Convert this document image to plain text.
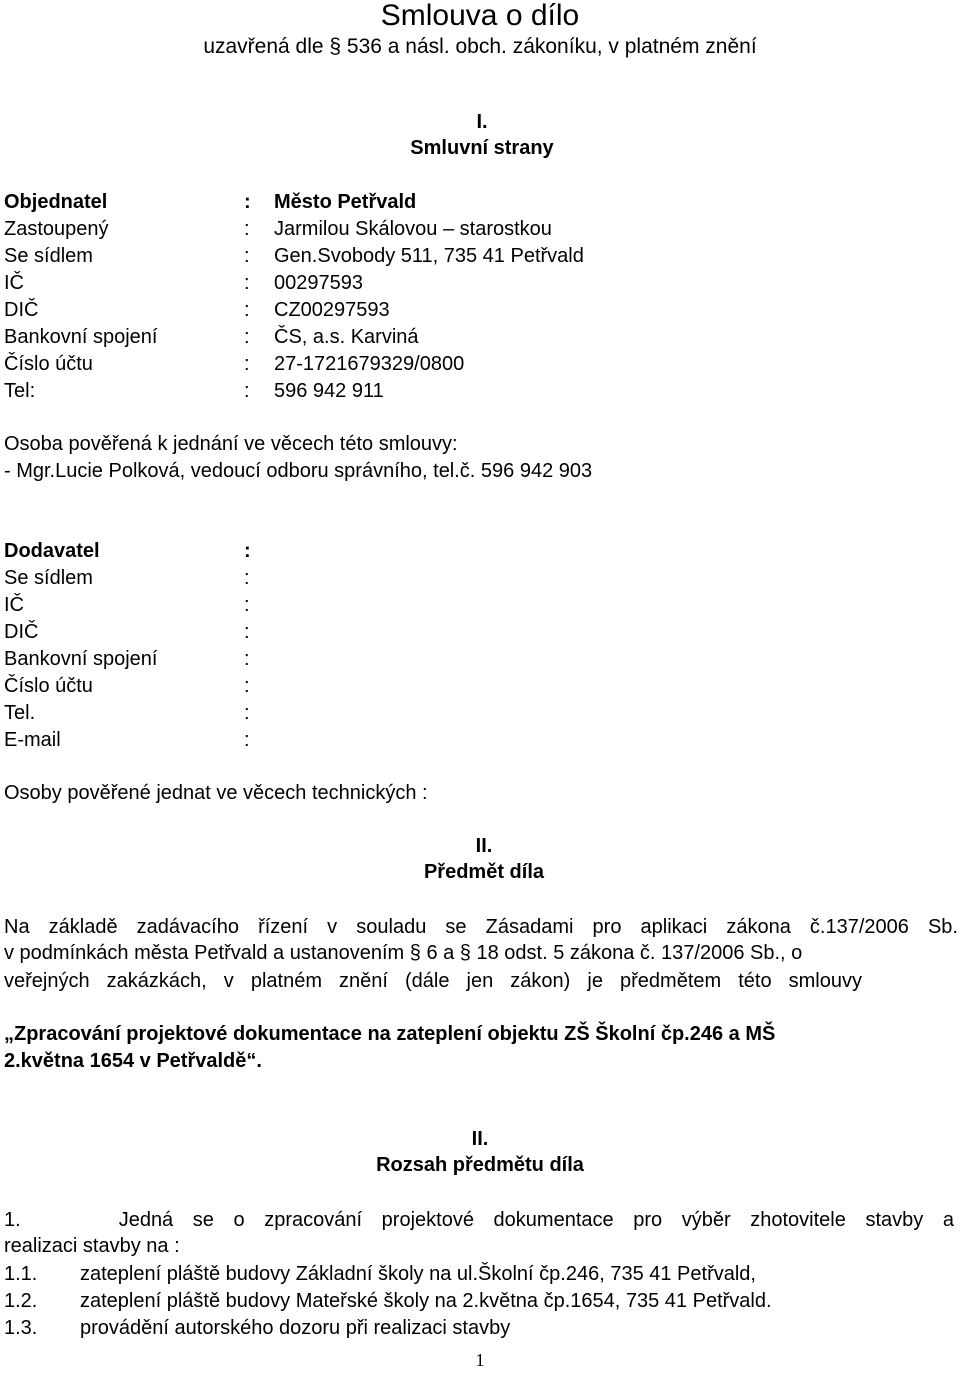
Smlouva o dílo
uzavřená dle § 536 a násl. obch. zákoníku, v platném znění
I.
Smluvní strany
Objednatel	: Město Petřvald
Zastoupený	: Jarmilou Skálovou – starostkou
Se sídlem	: Gen.Svobody 511, 735 41 Petřvald
IČ	: 00297593
DIČ	: CZ00297593
Bankovní spojení	: ČS, a.s. Karviná
Číslo účtu	: 27-1721679329/0800
Tel:	: 596 942 911
Osoba pověřená k jednání ve věcech této smlouvy:
- Mgr.Lucie Polková, vedoucí odboru správního, tel.č. 596 942 903
Dodavatel	:
Se sídlem	:
IČ	:
DIČ	:
Bankovní spojení	:
Číslo účtu	:
Tel.	:
E-mail	:
Osoby pověřené jednat ve věcech technických :
II.
Předmět díla
Na základě zadávacího řízení v souladu se Zásadami pro aplikaci zákona č.137/2006 Sb.
v podmínkách města Petřvald a ustanovením § 6 a § 18 odst. 5 zákona č. 137/2006 Sb., o
veřejných zakázkách, v platném znění (dále jen zákon) je předmětem této smlouvy
„Zpracování projektové dokumentace na zateplení objektu ZŠ Školní čp.246 a MŠ
2.května 1654 v Petřvaldě“.
II.
Rozsah předmětu díla
1.     Jedná se o zpracování projektové dokumentace pro výběr zhotovitele stavby a
realizaci stavby na :
1.1. zateplení pláště budovy Základní školy na ul.Školní čp.246, 735 41 Petřvald,
1.2. zateplení pláště budovy Mateřské školy na 2.května čp.1654, 735 41 Petřvald.
1.3. provádění autorského dozoru při realizaci stavby
1
